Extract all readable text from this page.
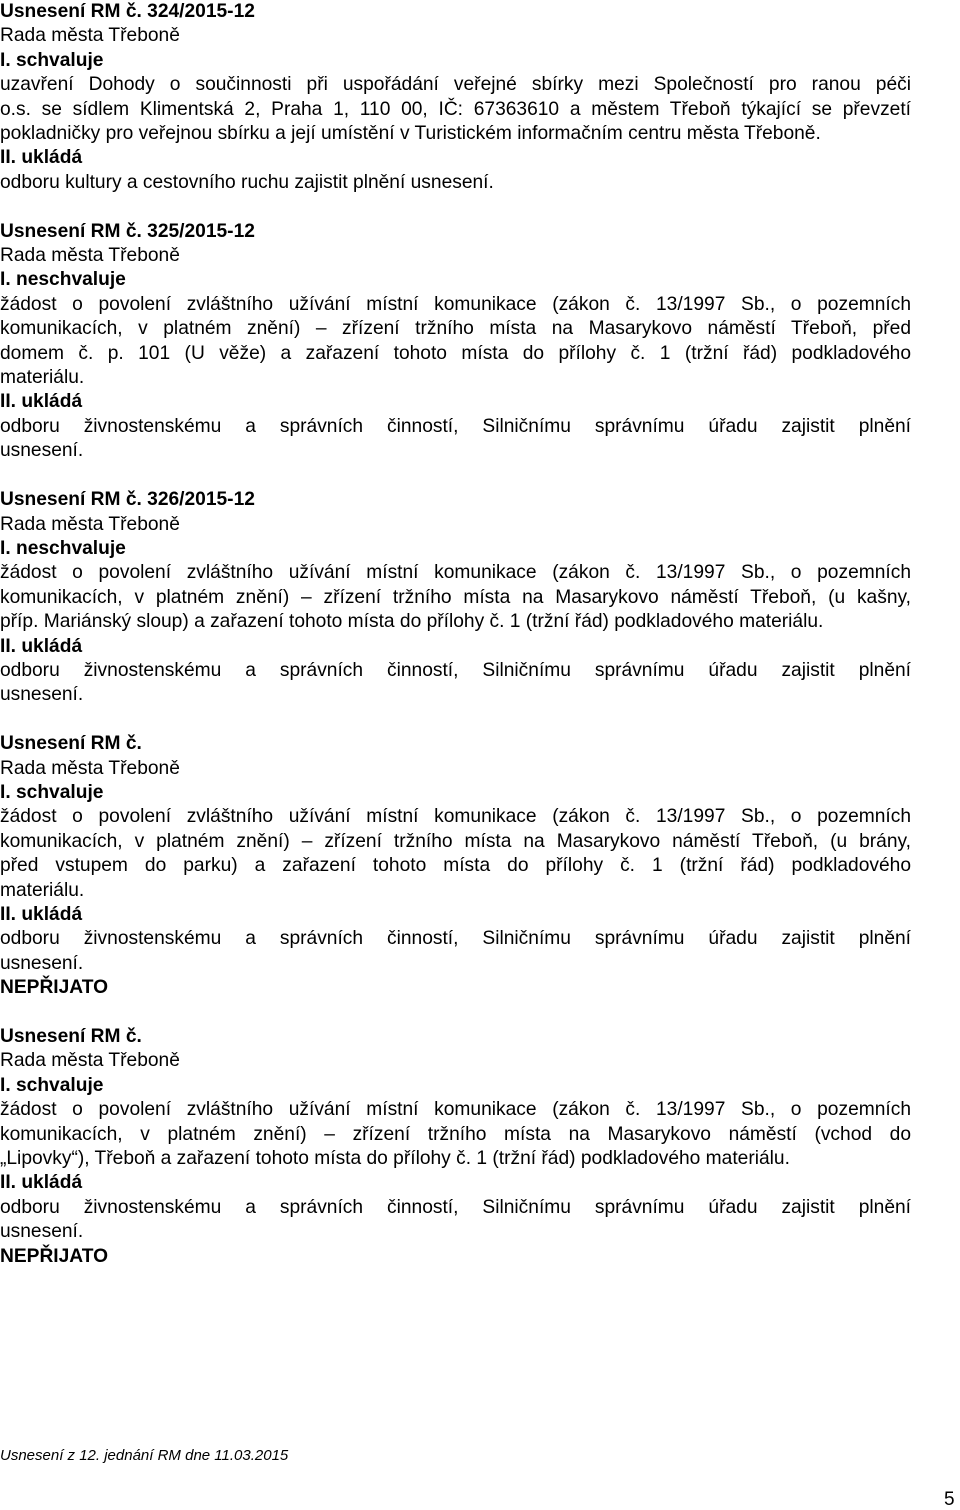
Usnesení RM č. 324/2015-12
Rada města Třeboně
I. schvaluje
uzavření Dohody o součinnosti při uspořádání veřejné sbírky mezi Společností pro ranou péči
o.s. se sídlem Klimentská 2, Praha 1, 110 00, IČ: 67363610 a městem Třeboň týkající se převzetí
pokladničky pro veřejnou sbírku a její umístění v Turistickém informačním centru města Třeboně.
II. ukládá
odboru kultury a cestovního ruchu zajistit plnění usnesení.
Usnesení RM č. 325/2015-12
Rada města Třeboně
I. neschvaluje
žádost o povolení zvláštního užívání místní komunikace (zákon č. 13/1997 Sb., o pozemních
komunikacích, v platném znění) – zřízení tržního místa na Masarykovo náměstí Třeboň, před
domem č. p. 101 (U věže) a zařazení tohoto místa do přílohy č. 1 (tržní řád) podkladového
materiálu.
II. ukládá
odboru živnostenskému a správních činností, Silničnímu správnímu úřadu zajistit plnění
usnesení.
Usnesení RM č. 326/2015-12
Rada města Třeboně
I. neschvaluje
žádost o povolení zvláštního užívání místní komunikace (zákon č. 13/1997 Sb., o pozemních
komunikacích, v platném znění) – zřízení tržního místa na Masarykovo náměstí Třeboň, (u kašny,
příp. Mariánský sloup) a zařazení tohoto místa do přílohy č. 1 (tržní řád) podkladového materiálu.
II. ukládá
odboru živnostenskému a správních činností, Silničnímu správnímu úřadu zajistit plnění
usnesení.
Usnesení RM č.
Rada města Třeboně
I. schvaluje
žádost o povolení zvláštního užívání místní komunikace (zákon č. 13/1997 Sb., o pozemních
komunikacích, v platném znění) – zřízení tržního místa na Masarykovo náměstí Třeboň, (u brány,
před vstupem do parku) a zařazení tohoto místa do přílohy č. 1 (tržní řád) podkladového
materiálu.
II. ukládá
odboru živnostenskému a správních činností, Silničnímu správnímu úřadu zajistit plnění
usnesení.
NEPŘIJATO
Usnesení RM č.
Rada města Třeboně
I. schvaluje
žádost o povolení zvláštního užívání místní komunikace (zákon č. 13/1997 Sb., o pozemních
komunikacích, v platném znění) – zřízení tržního místa na Masarykovo náměstí (vchod do
„Lipovky“), Třeboň a zařazení tohoto místa do přílohy č. 1 (tržní řád) podkladového materiálu.
II. ukládá
odboru živnostenskému a správních činností, Silničnímu správnímu úřadu zajistit plnění
usnesení.
NEPŘIJATO
Usnesení z 12. jednání RM dne 11.03.2015
5
